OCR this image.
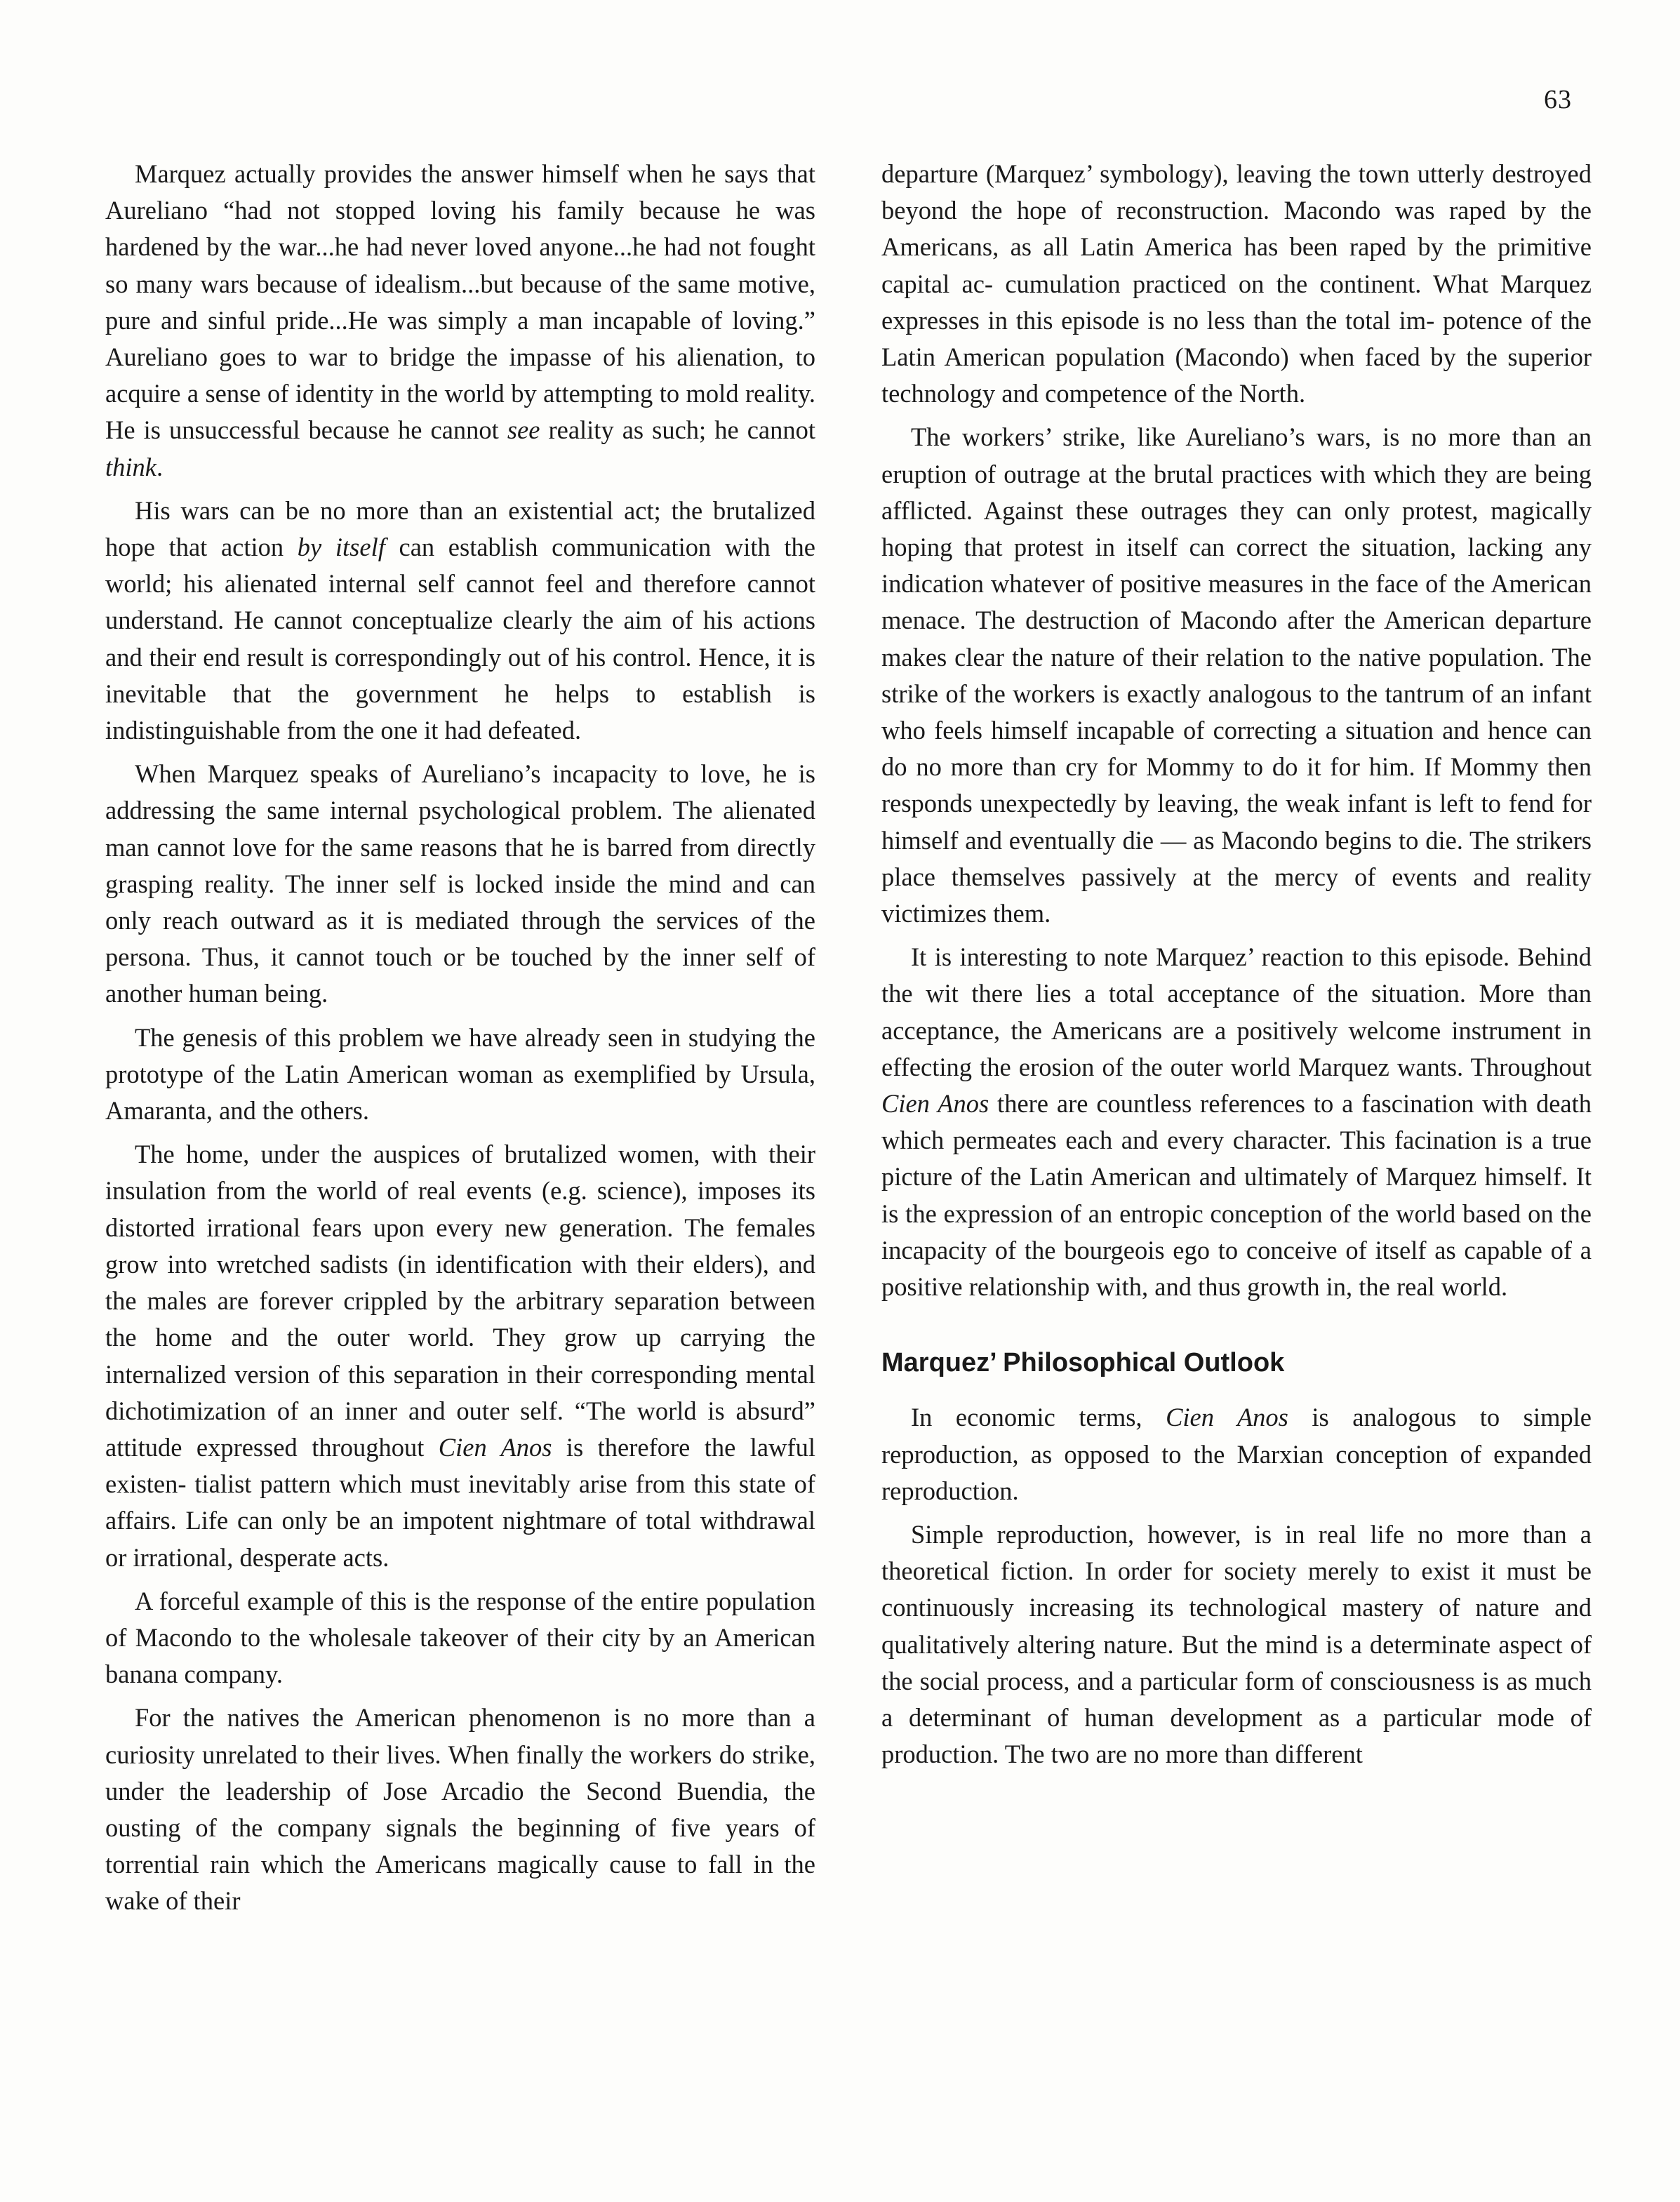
63

Marquez actually provides the answer himself when he says that Aureliano “had not stopped loving his family because he was hardened by the war...he had never loved anyone...he had not fought so many wars because of idealism...but because of the same motive, pure and sinful pride...He was simply a man incapable of loving.” Aureliano goes to war to bridge the impasse of his alienation, to acquire a sense of identity in the world by attempting to mold reality. He is unsuccessful because he cannot see reality as such; he cannot think.

His wars can be no more than an existential act; the brutalized hope that action by itself can establish communication with the world; his alienated internal self cannot feel and therefore cannot understand. He cannot conceptualize clearly the aim of his actions and their end result is correspondingly out of his control. Hence, it is inevitable that the government he helps to establish is indistinguishable from the one it had defeated.

When Marquez speaks of Aureliano’s incapacity to love, he is addressing the same internal psychological problem. The alienated man cannot love for the same reasons that he is barred from directly grasping reality. The inner self is locked inside the mind and can only reach outward as it is mediated through the services of the persona. Thus, it cannot touch or be touched by the inner self of another human being.

The genesis of this problem we have already seen in studying the prototype of the Latin American woman as exemplified by Ursula, Amaranta, and the others.

The home, under the auspices of brutalized women, with their insulation from the world of real events (e.g. science), imposes its distorted irrational fears upon every new generation. The females grow into wretched sadists (in identification with their elders), and the males are forever crippled by the arbitrary separation between the home and the outer world. They grow up carrying the internalized version of this separation in their corresponding mental dichotimization of an inner and outer self. “The world is absurd” attitude expressed throughout Cien Anos is therefore the lawful existen- tialist pattern which must inevitably arise from this state of affairs. Life can only be an impotent nightmare of total withdrawal or irrational, desperate acts.

A forceful example of this is the response of the entire population of Macondo to the wholesale takeover of their city by an American banana company.

For the natives the American phenomenon is no more than a curiosity unrelated to their lives. When finally the workers do strike, under the leadership of Jose Arcadio the Second Buendia, the ousting of the company signals the beginning of five years of torrential rain which the Americans magically cause to fall in the wake of their

departure (Marquez’ symbology), leaving the town utterly destroyed beyond the hope of reconstruction. Macondo was raped by the Americans, as all Latin America has been raped by the primitive capital ac- cumulation practiced on the continent. What Marquez expresses in this episode is no less than the total im- potence of the Latin American population (Macondo) when faced by the superior technology and competence of the North.

The workers’ strike, like Aureliano’s wars, is no more than an eruption of outrage at the brutal practices with which they are being afflicted. Against these outrages they can only protest, magically hoping that protest in itself can correct the situation, lacking any indication whatever of positive measures in the face of the American menace. The destruction of Macondo after the American departure makes clear the nature of their relation to the native population. The strike of the workers is exactly analogous to the tantrum of an infant who feels himself incapable of correcting a situation and hence can do no more than cry for Mommy to do it for him. If Mommy then responds unexpectedly by leaving, the weak infant is left to fend for himself and eventually die — as Macondo begins to die. The strikers place themselves passively at the mercy of events and reality victimizes them.

It is interesting to note Marquez’ reaction to this episode. Behind the wit there lies a total acceptance of the situation. More than acceptance, the Americans are a positively welcome instrument in effecting the erosion of the outer world Marquez wants. Throughout Cien Anos there are countless references to a fascination with death which permeates each and every character. This facination is a true picture of the Latin American and ultimately of Marquez himself. It is the expression of an entropic conception of the world based on the incapacity of the bourgeois ego to conceive of itself as capable of a positive relationship with, and thus growth in, the real world.

Marquez’ Philosophical Outlook

In economic terms, Cien Anos is analogous to simple reproduction, as opposed to the Marxian conception of expanded reproduction.

Simple reproduction, however, is in real life no more than a theoretical fiction. In order for society merely to exist it must be continuously increasing its technological mastery of nature and qualitatively altering nature. But the mind is a determinate aspect of the social process, and a particular form of consciousness is as much a determinant of human development as a particular mode of production. The two are no more than different
